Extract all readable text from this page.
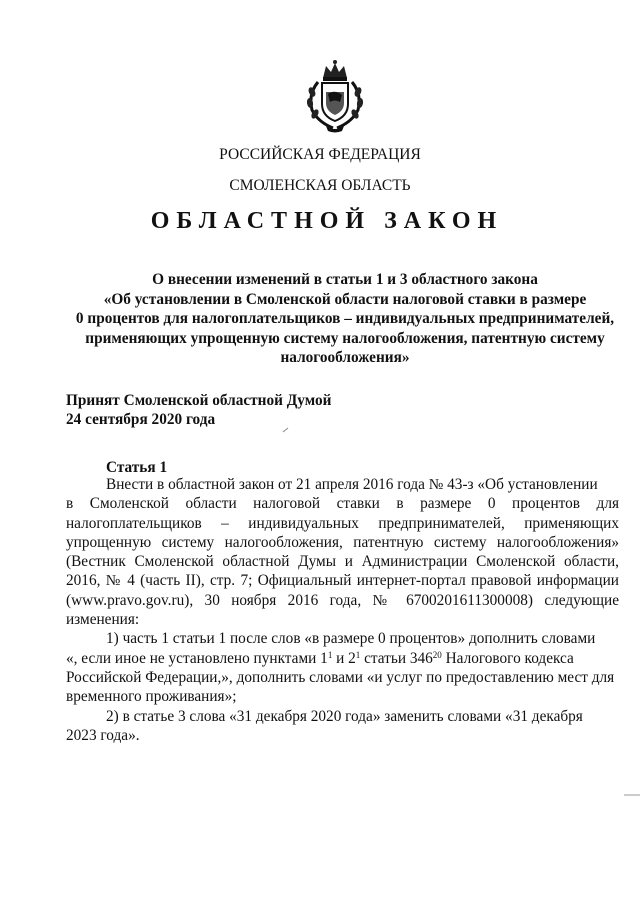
РОССИЙСКАЯ ФЕДЕРАЦИЯ
СМОЛЕНСКАЯ ОБЛАСТЬ
ОБЛАСТНОЙ ЗАКОН
О внесении изменений в статьи 1 и 3 областного закона
«Об установлении в Смоленской области налоговой ставки в размере
0 процентов для налогоплательщиков – индивидуальных предпринимателей,
применяющих упрощенную систему налогообложения, патентную систему
налогообложения»
Принят Смоленской областной Думой
24 сентября 2020 года
Статья 1
Внести в областной закон от 21 апреля 2016 года № 43-з «Об установлении
в Смоленской области налоговой ставки в размере 0 процентов для
налогоплательщиков – индивидуальных предпринимателей, применяющих
упрощенную систему налогообложения, патентную систему налогообложения»
(Вестник Смоленской областной Думы и Администрации Смоленской области,
2016, № 4 (часть II), стр. 7; Официальный интернет-портал правовой информации
(www.pravo.gov.ru), 30 ноября 2016 года, № 6700201611300008) следующие
изменения:
1) часть 1 статьи 1 после слов «в размере 0 процентов» дополнить словами
«, если иное не установлено пунктами $1^1$ и $2^1$ статьи $346^{20}$ Налогового кодекса
Российской Федерации,», дополнить словами «и услуг по предоставлению мест для
временного проживания»;
2) в статье 3 слова «31 декабря 2020 года» заменить словами «31 декабря
2023 года».
